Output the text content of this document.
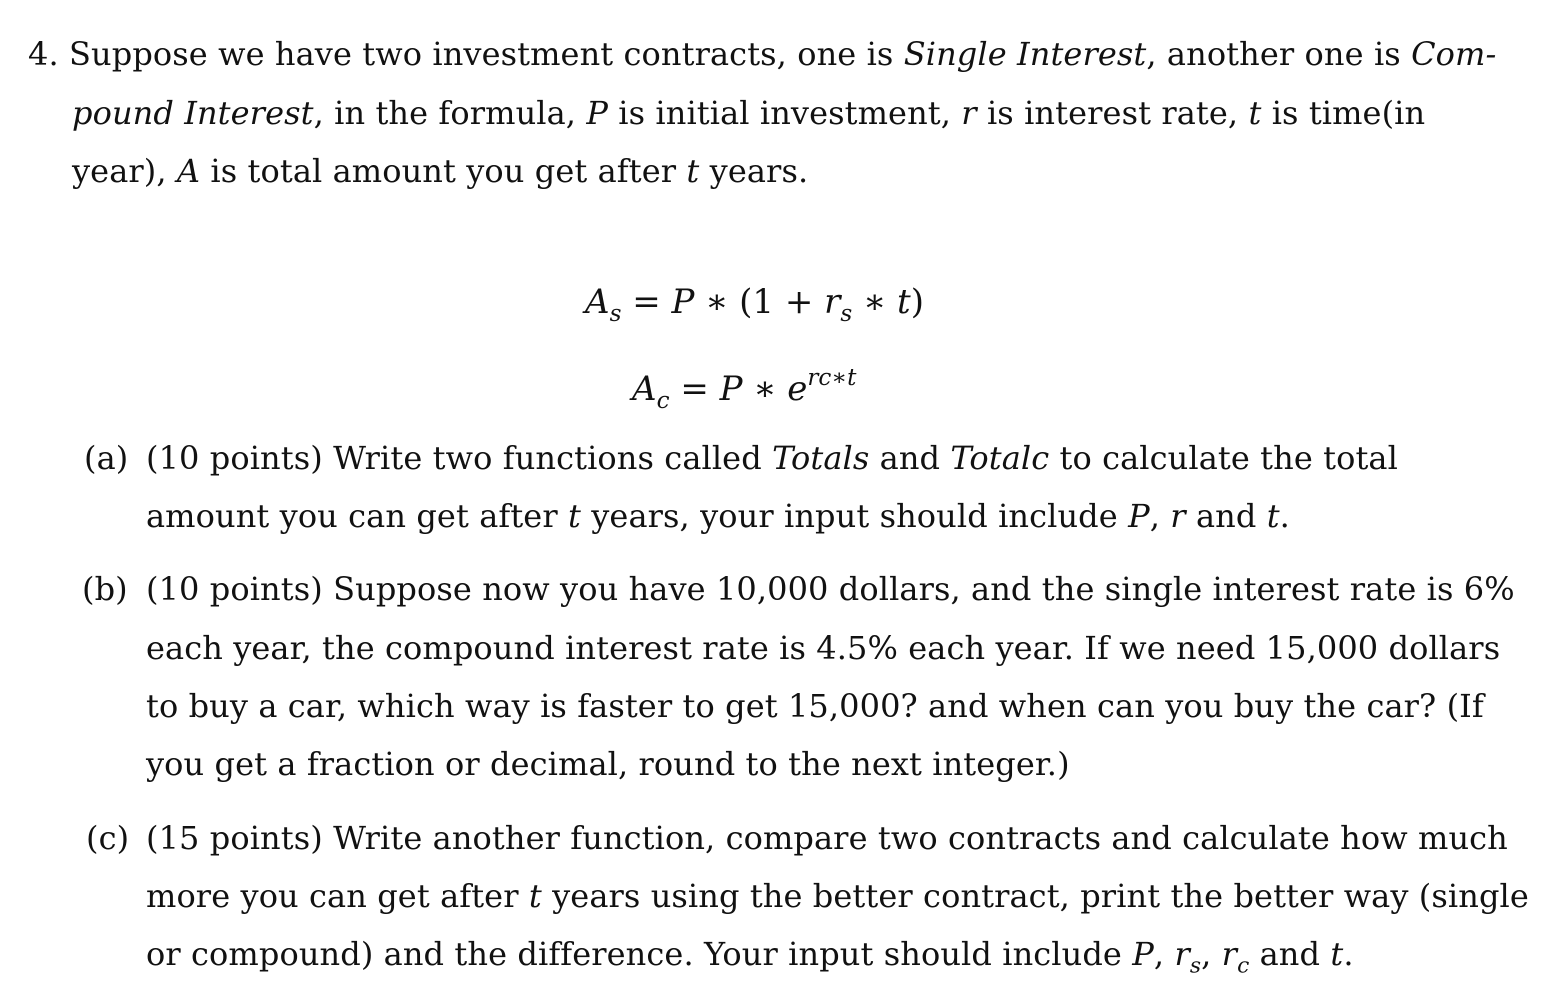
4. Suppose we have two investment contracts, one is Single Interest, another one is Com-
pound Interest, in the formula, P is initial investment, r is interest rate, t is time(in
year), A is total amount you get after t years.
$A_s = P$ ∗ ($1 + r_s$ ∗ t)
$A_c = P$ ∗ $e^{rc∗t}$
(a) (10 points) Write two functions called Totals and Totalc to calculate the total
amount you can get after t years, your input should include P, r and t.
(b) (10 points) Suppose now you have 10,000 dollars, and the single interest rate is 6%
each year, the compound interest rate is 4.5% each year. If we need 15,000 dollars
to buy a car, which way is faster to get 15,000? and when can you buy the car? (If
you get a fraction or decimal, round to the next integer.)
(c) (15 points) Write another function, compare two contracts and calculate how much
more you can get after t years using the better contract, print the better way (single
or compound) and the difference. Your input should include P, $r_s$, $r_c$ and t.
